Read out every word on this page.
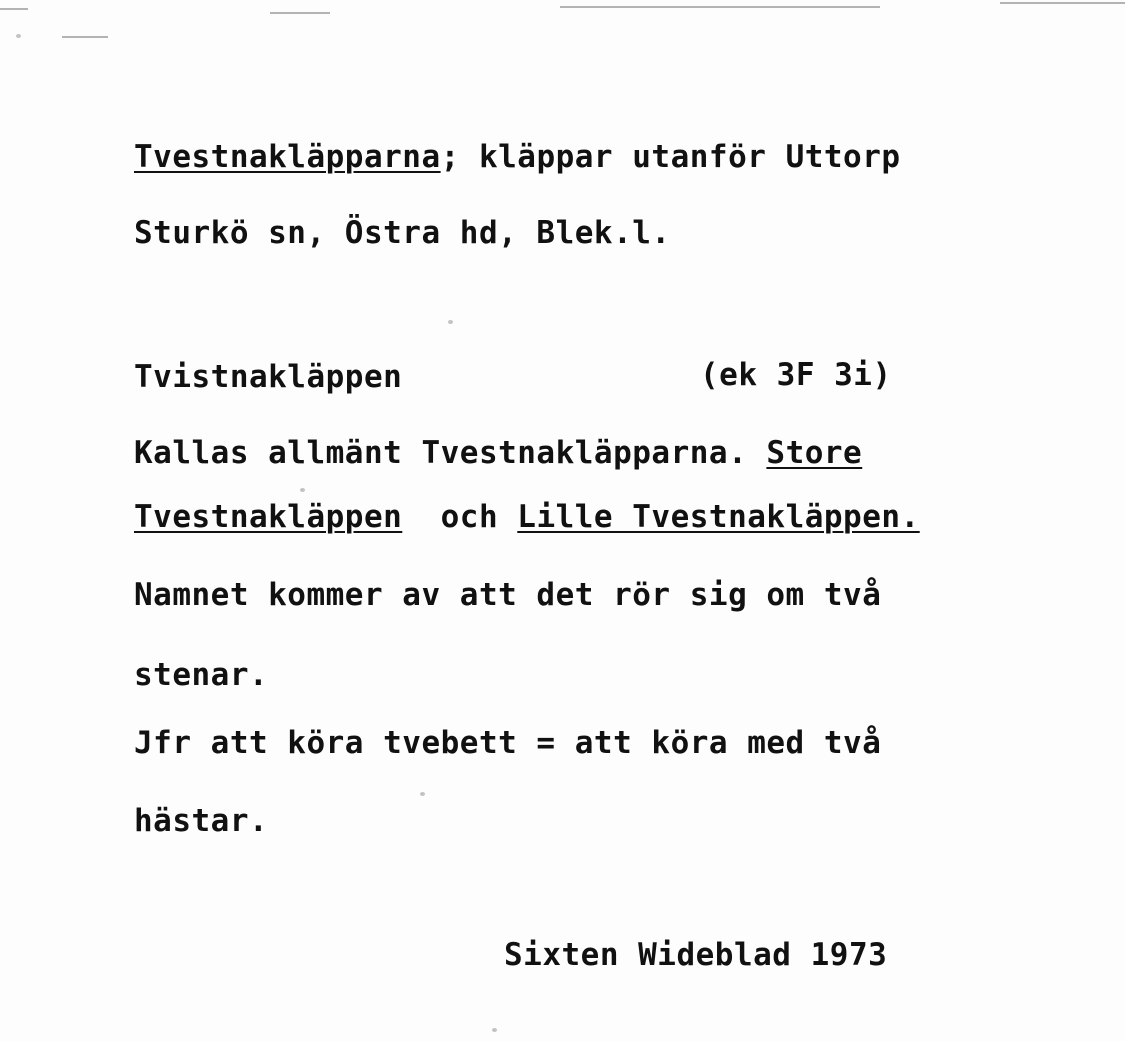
Tvestnakläpparna; kläppar utanför Uttorp
Sturkö sn, Östra hd, Blek.l.
Tvistnakläppen	(ek 3F 3i)
Kallas allmänt Tvestnakläpparna. Store
Tvestnakläppen  och Lille Tvestnakläppen.
Namnet kommer av att det rör sig om två
stenar.
Jfr att köra tvebett = att köra med två
hästar.
Sixten Wideblad 1973
